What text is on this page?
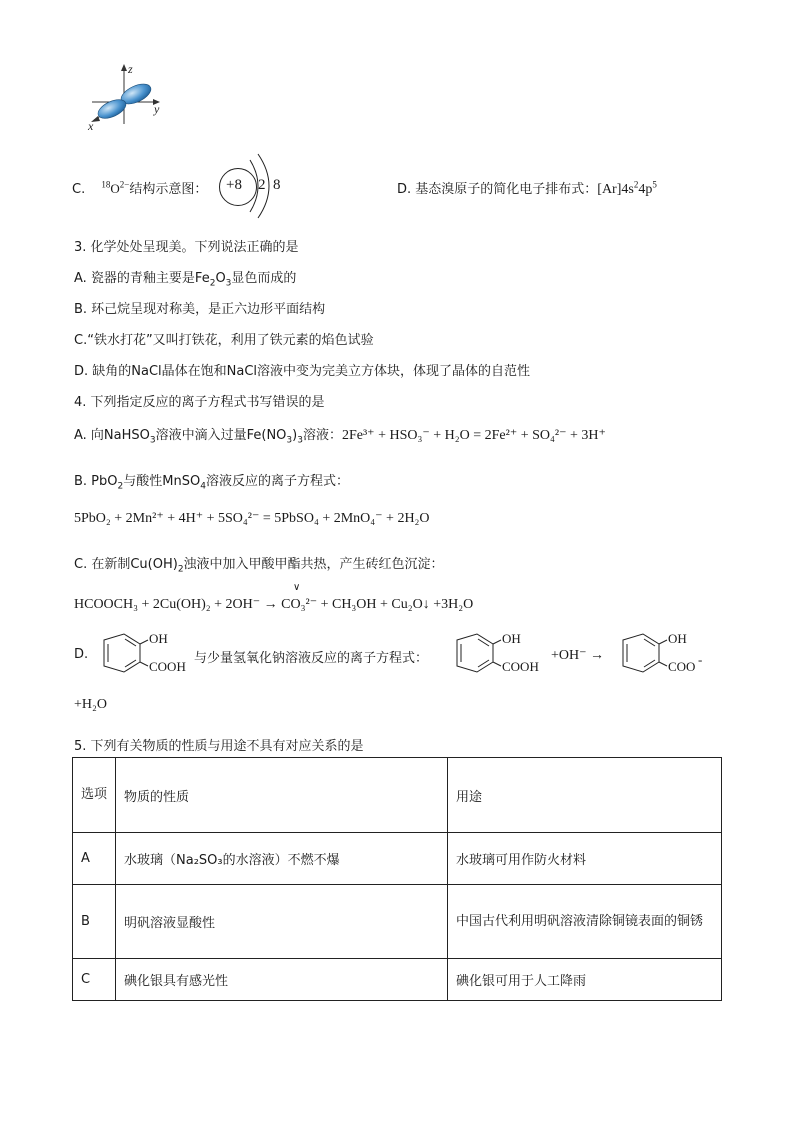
z
y
x
C. $^{18}O^{2-}$结构示意图： +8 2 8	D. 基态溴原子的简化电子排布式：$[Ar]4s^24p^5$
3. 化学处处呈现美。下列说法正确的是
A. 瓷器的青釉主要是$Fe_2O_3$显色而成的
B. 环己烷呈现对称美，是正六边形平面结构
C.“铁水打花”又叫打铁花，利用了铁元素的焰色试验
D. 缺角的NaCl晶体在饱和NaCl溶液中变为完美立方体块，体现了晶体的自范性
4. 下列指定反应的离子方程式书写错误的是
A. 向NaHSO$_3$溶液中滴入过量$Fe(NO_3)_3$溶液：2Fe³⁺ + HSO₃⁻ + H₂O = 2Fe²⁺ + SO₄²⁻ + 3H⁺
B. PbO$_2$与酸性MnSO$_4$溶液反应的离子方程式：
5PbO₂ + 2Mn²⁺ + 4H⁺ + 5SO₄²⁻ = 5PbSO₄ + 2MnO₄⁻ + 2H₂O
C. 在新制$Cu(OH)_2$浊液中加入甲酸甲酯共热，产生砖红色沉淀：
∨
HCOOCH₃ + 2Cu(OH)₂ + 2OH⁻ → CO₃²⁻ + CH₃OH + Cu₂O↓ +3H₂O
D.
OH
COOH
与少量氢氧化钠溶液反应的离子方程式：
OH
COOH
+OH⁻ →
OH
COO -
+H₂O
5. 下列有关物质的性质与用途不具有对应关系的是
选项	物质的性质	用途
A	水玻璃（Na₂SO₃的水溶液）不燃不爆	水玻璃可用作防火材料
B	明矾溶液显酸性	中国古代利用明矾溶液清除铜镜表面的铜锈
C	碘化银具有感光性	碘化银可用于人工降雨
